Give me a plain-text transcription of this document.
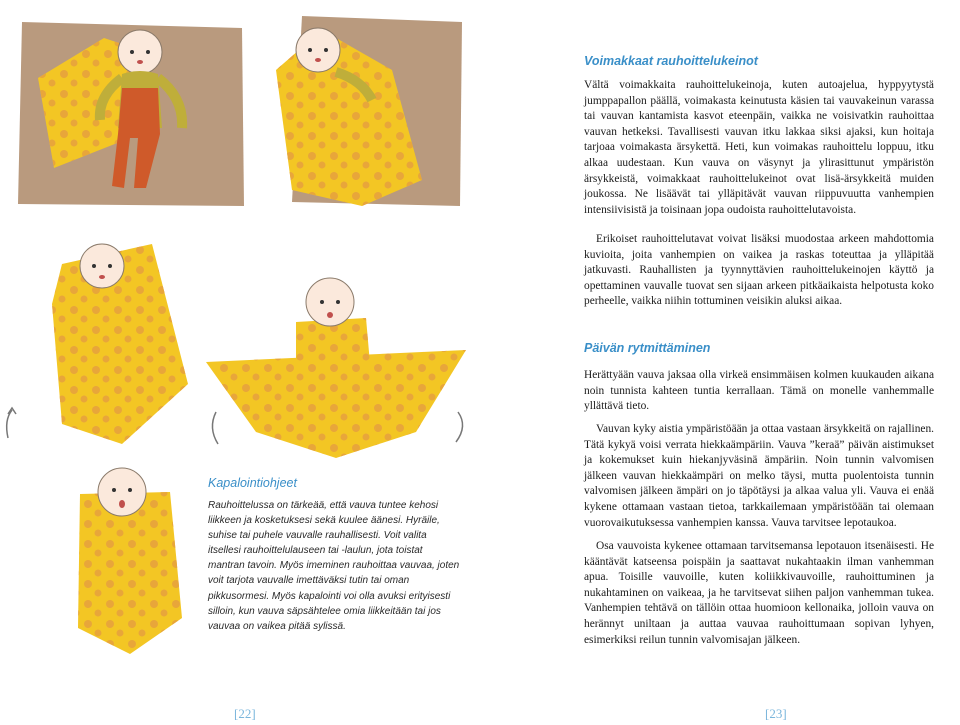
Kapalointiohjeet

Rauhoittelussa on tärkeää, että vauva tuntee kehosi liikkeen ja kosketuksesi sekä kuulee äänesi. Hyräile, suhise tai puhele vauvalle rauhallisesti. Voit valita itsellesi rauhoittelulauseen tai -laulun, jota toistat mantran tavoin. Myös imeminen rauhoittaa vauvaa, joten voit tarjota vauvalle imettäväksi tutin tai oman pikkusormesi. Myös kapalointi voi olla avuksi erityisesti silloin, kun vauva säpsähtelee omia liikkeitään tai jos vauvaa on vaikea pitää sylissä.

[22]
Voimakkaat rauhoittelukeinot

Vältä voimakkaita rauhoittelukeinoja, kuten autoajelua, hyppyytystä jumppapallon päällä, voimakasta keinutusta käsien tai vauvakeinun varassa tai vauvan kantamista kasvot eteenpäin, vaikka ne voisivatkin rauhoittaa vauvan hetkeksi. Tavallisesti vauvan itku lakkaa siksi ajaksi, kun hoitaja tarjoaa voimakasta ärsykettä. Heti, kun voimakas rauhoittelu loppuu, itku alkaa uudestaan. Kun vauva on väsynyt ja ylirasittunut ympäristön ärsykkeistä, voimakkaat rauhoittelukeinot ovat lisä-ärsykkeitä muiden joukossa. Ne lisäävät tai ylläpitävät vauvan riippuvuutta vanhempien intensiivisistä ja toisinaan jopa oudoista rauhoittelutavoista.

Erikoiset rauhoittelutavat voivat lisäksi muodostaa arkeen mahdottomia kuvioita, joita vanhempien on vaikea ja raskas toteuttaa ja ylläpitää jatkuvasti. Rauhallisten ja tyynnyttävien rauhoittelukeinojen käyttö ja opettaminen vauvalle tuovat sen sijaan arkeen pitkäaikaista helpotusta koko perheelle, vaikka niihin tottuminen veisikin aluksi aikaa.

Päivän rytmittäminen

Herättyään vauva jaksaa olla virkeä ensimmäisen kolmen kuukauden aikana noin tunnista kahteen tuntia kerrallaan. Tämä on monelle vanhemmalle yllättävä tieto.

Vauvan kyky aistia ympäristöään ja ottaa vastaan ärsykkeitä on rajallinen. Tätä kykyä voisi verrata hiekkaämpäriin. Vauva ”keraä” päivän aistimukset ja kokemukset kuin hiekanjyväsinä ämpäriin. Noin tunnin valvomisen jälkeen vauvan hiekkaämpäri on melko täysi, mutta puolentoista tunnin valvomisen jälkeen ämpäri on jo täpötäysi ja alkaa valua yli. Vauva ei enää kykene ottamaan vastaan tietoa, tarkkailemaan ympäristöään tai olemaan vuorovaikutuksessa vanhempien kanssa. Vauva tarvitsee lepotaukoa.

Osa vauvoista kykenee ottamaan tarvitsemansa lepotauon itsenäisesti. He kääntävät katseensa poispäin ja saattavat nukahtaakin ilman vanhemman apua. Toisille vauvoille, kuten koliikkivauvoille, rauhoittuminen ja nukahtaminen on vaikeaa, ja he tarvitsevat siihen paljon vanhemman tukea. Vanhempien tehtävä on tällöin ottaa huomioon kellonaika, jolloin vauva on herännyt uniltaan ja auttaa vauvaa rauhoittumaan sopivan lyhyen, esimerkiksi reilun tunnin valvomisajan jälkeen.

[23]
